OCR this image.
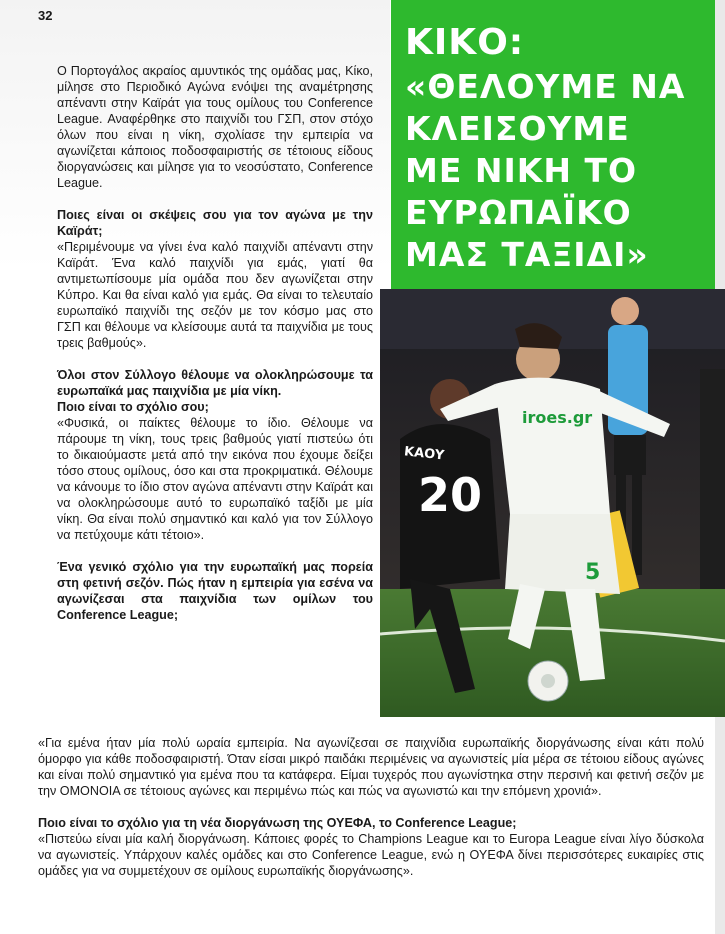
32
ΚΙΚΟ:
«ΘΕΛΟΥΜΕ ΝΑ
ΚΛΕΙΣΟΥΜΕ
ΜΕ ΝΙΚΗ ΤΟ
ΕΥΡΩΠΑΪΚΟ
ΜΑΣ ΤΑΞΙΔΙ»
20
KAOY
iroes.gr
5

Ο Πορτογάλος ακραίος αμυντικός της ομάδας μας, Κίκο, μίλησε στο Περιοδικό Αγώνα ενόψει της αναμέτρησης απέναντι στην Καϊράτ για τους ομίλους του Conference League. Αναφέρθηκε στο παιχνίδι του ΓΣΠ, στον στόχο όλων που είναι η νίκη, σχολίασε την εμπειρία να αγωνίζεται κάποιος ποδοσφαιριστής σε τέτοιους είδους διοργανώσεις και μίλησε για το νεοσύστατο, Conference League.

Ποιες είναι οι σκέψεις σου για τον αγώνα με την Καϊράτ;

«Περιμένουμε να γίνει ένα καλό παιχνίδι απέναντι στην Καϊράτ. Ένα καλό παιχνίδι για εμάς, γιατί θα αντιμετωπίσουμε μία ομάδα που δεν αγωνίζεται στην Κύπρο. Και θα είναι καλό για εμάς. Θα είναι το τελευταίο ευρωπαϊκό παιχνίδι της σεζόν με τον κόσμο μας στο ΓΣΠ και θέλουμε να κλείσουμε αυτά τα παιχνίδια με τους τρεις βαθμούς».

Όλοι στον Σύλλογο θέλουμε να ολοκληρώσουμε τα ευρωπαϊκά μας παιχνίδια με μία νίκη.

Ποιο είναι το σχόλιο σου;

«Φυσικά, οι παίκτες θέλουμε το ίδιο. Θέλουμε να πάρουμε τη νίκη, τους τρεις βαθμούς γιατί πιστεύω ότι το δικαιούμαστε μετά από την εικόνα που έχουμε δείξει τόσο στους ομίλους, όσο και στα προκριματικά. Θέλουμε να κάνουμε το ίδιο στον αγώνα απέναντι στην Καϊράτ και να ολοκληρώσουμε αυτό το ευρωπαϊκό ταξίδι με μία νίκη. Θα είναι πολύ σημαντικό και καλό για τον Σύλλογο να πετύχουμε κάτι τέτοιο».

Ένα γενικό σχόλιο για την ευρωπαϊκή μας πορεία στη φετινή σεζόν. Πώς ήταν η εμπειρία για εσένα να αγωνίζεσαι στα παιχνίδια των ομίλων του Conference League;

«Για εμένα ήταν μία πολύ ωραία εμπειρία. Να αγωνίζεσαι σε παιχνίδια ευρωπαϊκής διοργάνωσης είναι κάτι πολύ όμορφο για κάθε ποδοσφαιριστή. Όταν είσαι μικρό παιδάκι περιμένεις να αγωνιστείς μία μέρα σε τέτοιου είδους αγώνες και είναι πολύ σημαντικό για εμένα που τα κατάφερα. Είμαι τυχερός που αγωνίστηκα στην περσινή και φετινή σεζόν με την ΟΜΟΝΟΙΑ σε τέτοιους αγώνες και περιμένω πώς και πώς να αγωνιστώ και την επόμενη χρονιά».

Ποιο είναι το σχόλιο για τη νέα διοργάνωση της ΟΥΕΦΑ, το Conference League;

«Πιστεύω είναι μία καλή διοργάνωση. Κάποιες φορές το Champions League και το Europa League είναι λίγο δύσκολα να αγωνιστείς. Υπάρχουν καλές ομάδες και στο Conference League, ενώ η ΟΥΕΦΑ δίνει περισσότερες ευκαιρίες στις ομάδες για να συμμετέχουν σε ομίλους ευρωπαϊκής διοργάνωσης».
